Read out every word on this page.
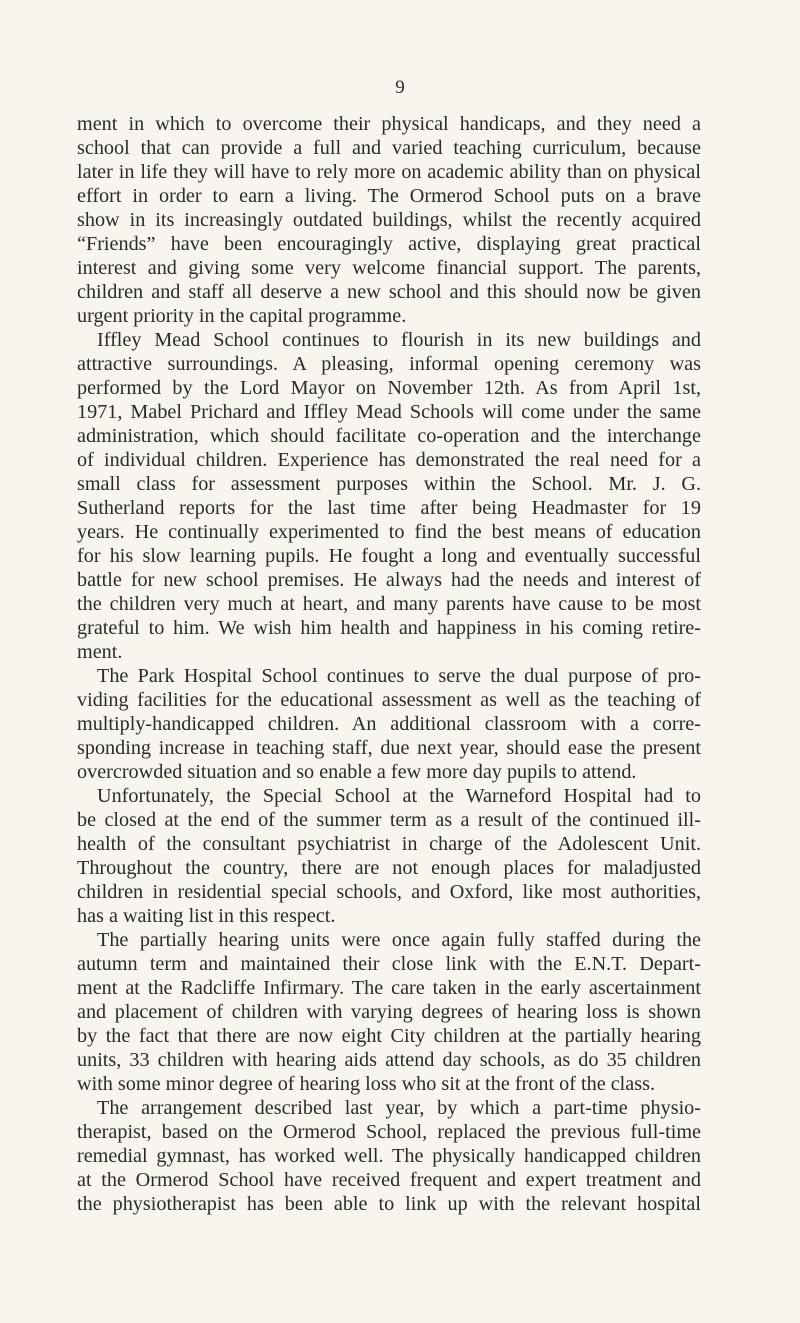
9
ment in which to overcome their physical handicaps, and they need a
school that can provide a full and varied teaching curriculum, because
later in life they will have to rely more on academic ability than on physical
effort in order to earn a living. The Ormerod School puts on a brave
show in its increasingly outdated buildings, whilst the recently acquired
“Friends” have been encouragingly active, displaying great practical
interest and giving some very welcome financial support. The parents,
children and staff all deserve a new school and this should now be given
urgent priority in the capital programme.
Iffley Mead School continues to flourish in its new buildings and
attractive surroundings. A pleasing, informal opening ceremony was
performed by the Lord Mayor on November 12th. As from April 1st,
1971, Mabel Prichard and Iffley Mead Schools will come under the same
administration, which should facilitate co-operation and the interchange
of individual children. Experience has demonstrated the real need for a
small class for assessment purposes within the School. Mr. J. G.
Sutherland reports for the last time after being Headmaster for 19
years. He continually experimented to find the best means of education
for his slow learning pupils. He fought a long and eventually successful
battle for new school premises. He always had the needs and interest of
the children very much at heart, and many parents have cause to be most
grateful to him. We wish him health and happiness in his coming retire-
ment.
The Park Hospital School continues to serve the dual purpose of pro-
viding facilities for the educational assessment as well as the teaching of
multiply-handicapped children. An additional classroom with a corre-
sponding increase in teaching staff, due next year, should ease the present
overcrowded situation and so enable a few more day pupils to attend.
Unfortunately, the Special School at the Warneford Hospital had to
be closed at the end of the summer term as a result of the continued ill-
health of the consultant psychiatrist in charge of the Adolescent Unit.
Throughout the country, there are not enough places for maladjusted
children in residential special schools, and Oxford, like most authorities,
has a waiting list in this respect.
The partially hearing units were once again fully staffed during the
autumn term and maintained their close link with the E.N.T. Depart-
ment at the Radcliffe Infirmary. The care taken in the early ascertainment
and placement of children with varying degrees of hearing loss is shown
by the fact that there are now eight City children at the partially hearing
units, 33 children with hearing aids attend day schools, as do 35 children
with some minor degree of hearing loss who sit at the front of the class.
The arrangement described last year, by which a part-time physio-
therapist, based on the Ormerod School, replaced the previous full-time
remedial gymnast, has worked well. The physically handicapped children
at the Ormerod School have received frequent and expert treatment and
the physiotherapist has been able to link up with the relevant hospital
